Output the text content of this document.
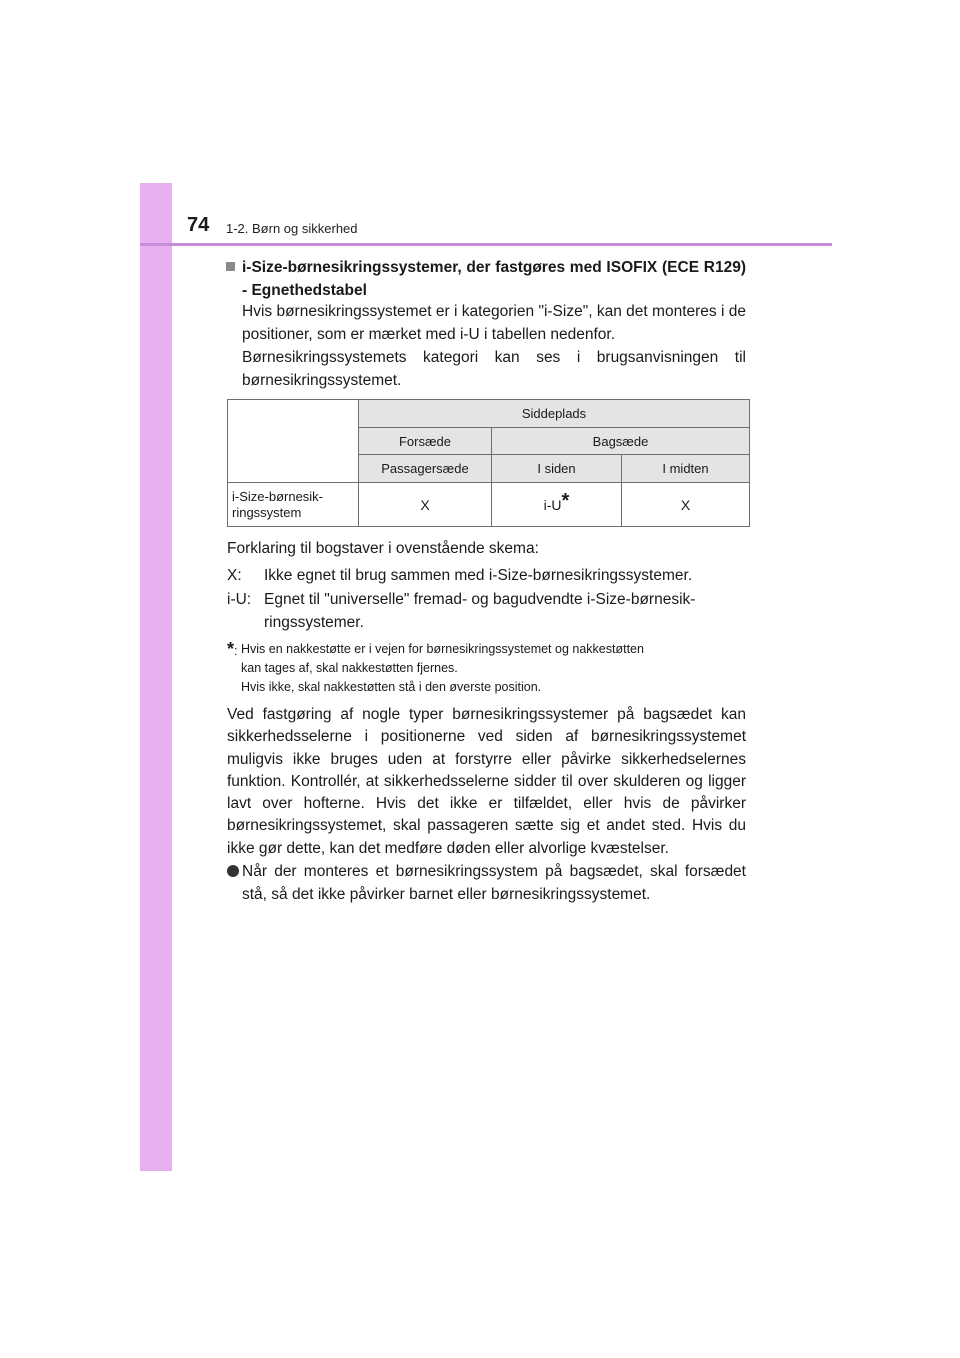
74 1-2. Børn og sikkerhed
i-Size-børnesikringssystemer, der fastgøres med ISOFIX (ECE R129) - Egnethedstabel

Hvis børnesikringssystemet er i kategorien "i-Size", kan det monteres i de positioner, som er mærket med i-U i tabellen nedenfor.

Børnesikringssystemets kategori kan ses i brugsanvisningen til børnesikringssystemet.

	Siddeplads		
	Forsæde	Bagsæde	
	Passagersæde	I siden	I midten

i-Size-børnesik-
ringssystem	X	i-U*	X
Forklaring til bogstaver i ovenstående skema:
X: Ikke egnet til brug sammen med i-Size-børnesikringssystemer.
i-U: Egnet til "universelle" fremad- og bagudvendte i-Size-børnesik-
ringssystemer.
*: Hvis en nakkestøtte er i vejen for børnesikringssystemet og nakkestøtten
kan tages af, skal nakkestøtten fjernes.
Hvis ikke, skal nakkestøtten stå i den øverste position.

Ved fastgøring af nogle typer børnesikringssystemer på bagsædet kan sikkerhedsselerne i positionerne ved siden af børnesikringssystemet muligvis ikke bruges uden at forstyrre eller påvirke sikkerhedselernes funktion. Kontrollér, at sikkerhedsselerne sidder til over skulderen og ligger lavt over hofterne. Hvis det ikke er tilfældet, eller hvis de påvirker børnesikringssystemet, skal passageren sætte sig et andet sted. Hvis du ikke gør dette, kan det medføre døden eller alvorlige kvæstelser.

Når der monteres et børnesikringssystem på bagsædet, skal forsædet stå, så det ikke påvirker barnet eller børnesikringssystemet.
